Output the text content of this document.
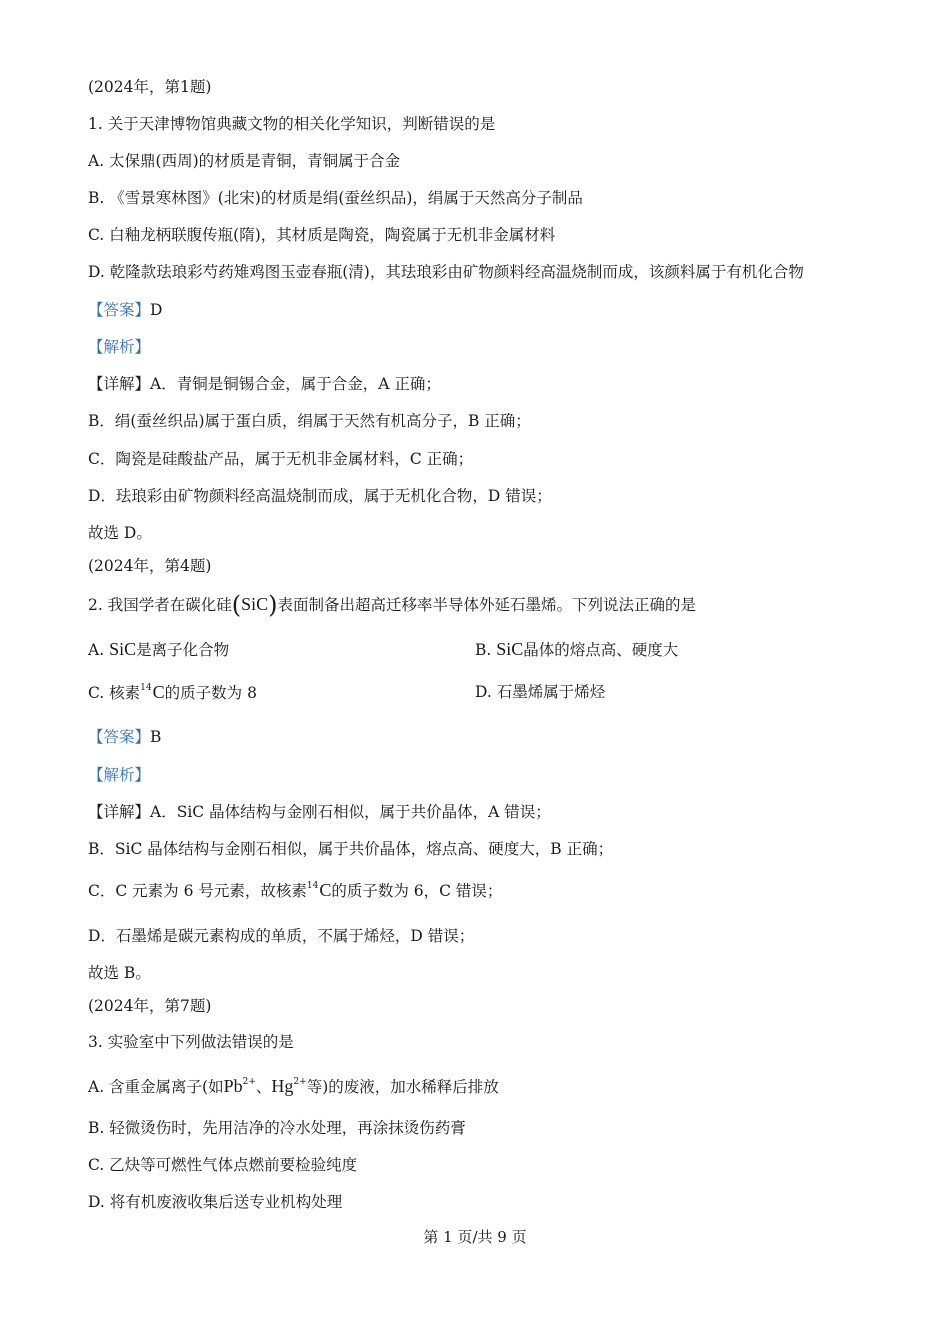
(2024年，第1题)
1. 关于天津博物馆典藏文物的相关化学知识，判断错误的是
A. 太保鼎(西周)的材质是青铜，青铜属于合金
B. 《雪景寒林图》(北宋)的材质是绢(蚕丝织品)，绢属于天然高分子制品
C. 白釉龙柄联腹传瓶(隋)，其材质是陶瓷，陶瓷属于无机非金属材料
D. 乾隆款珐琅彩芍药雉鸡图玉壶春瓶(清)，其珐琅彩由矿物颜料经高温烧制而成，该颜料属于有机化合物
【答案】D
【解析】
【详解】A．青铜是铜锡合金，属于合金，A 正确；
B．绢(蚕丝织品)属于蛋白质，绢属于天然有机高分子，B 正确；
C．陶瓷是硅酸盐产品，属于无机非金属材料，C 正确；
D．珐琅彩由矿物颜料经高温烧制而成，属于无机化合物，D 错误；
故选 D。
(2024年，第4题)
2. 我国学者在碳化硅(SiC)表面制备出超高迁移率半导体外延石墨烯。下列说法正确的是
A. SiC是离子化合物	B. SiC晶体的熔点高、硬度大
C. 核素$^{14}$C的质子数为 8	D. 石墨烯属于烯烃
【答案】B
【解析】
【详解】A．SiC 晶体结构与金刚石相似，属于共价晶体，A 错误；
B．SiC 晶体结构与金刚石相似，属于共价晶体，熔点高、硬度大，B 正确；
C．C 元素为 6 号元素，故核素$^{14}$C的质子数为 6，C 错误；
D．石墨烯是碳元素构成的单质，不属于烯烃，D 错误；
故选 B。
(2024年，第7题)
3. 实验室中下列做法错误的是
A. 含重金属离子(如$Pb^{2+}$、$Hg^{2+}$等)的废液，加水稀释后排放
B. 轻微烫伤时，先用洁净的冷水处理，再涂抹烫伤药膏
C. 乙炔等可燃性气体点燃前要检验纯度
D. 将有机废液收集后送专业机构处理
第 1 页/共 9 页
